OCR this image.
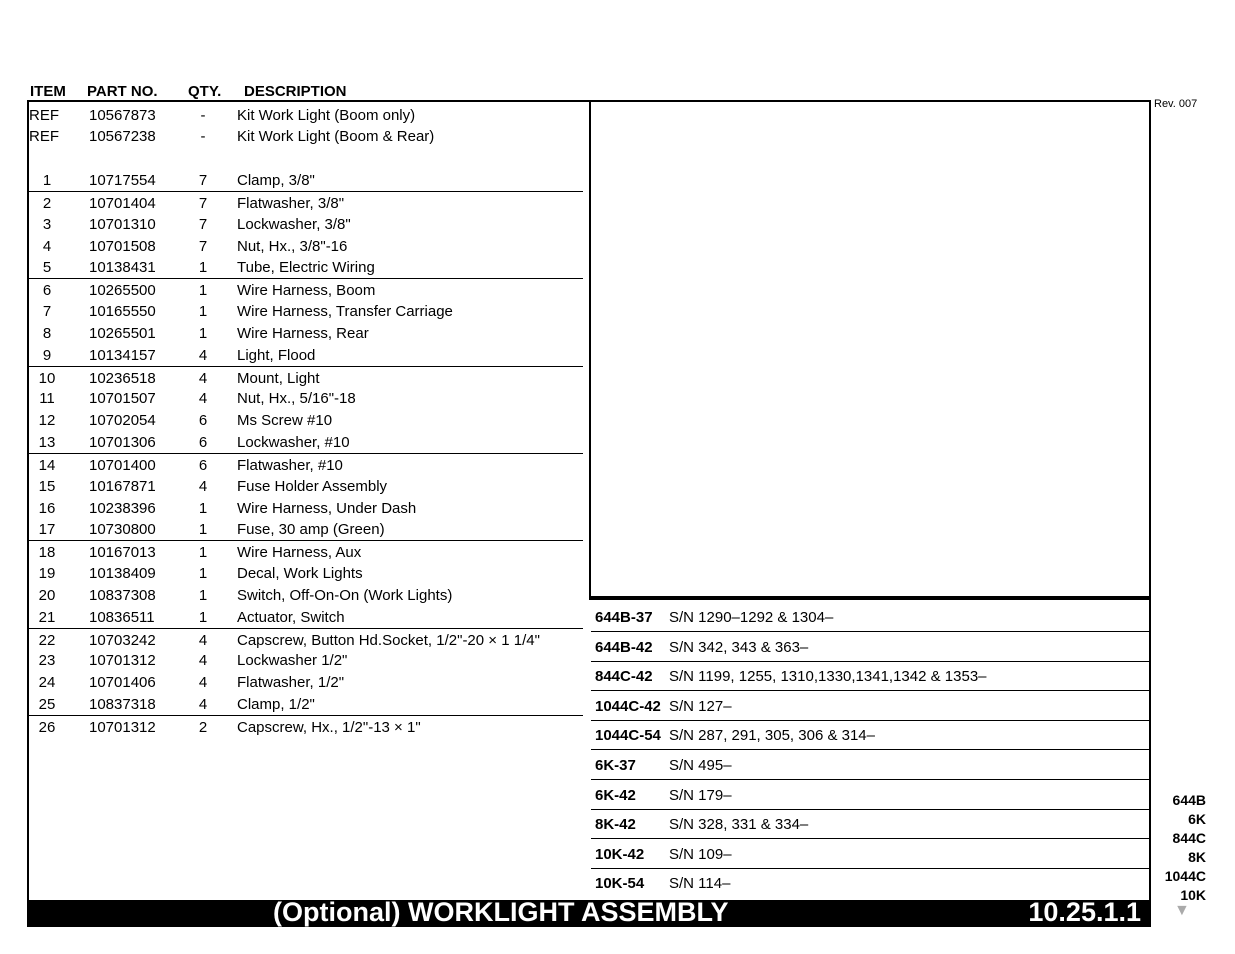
ITEM PART NO. QTY. DESCRIPTION
Rev. 007
REF	10567873	-	Kit Work Light (Boom only)
REF	10567238	-	Kit Work Light (Boom & Rear)
1	10717554	7	Clamp, 3/8"
2	10701404	7	Flatwasher, 3/8"
3	10701310	7	Lockwasher, 3/8"
4	10701508	7	Nut, Hx., 3/8"-16
5	10138431	1	Tube, Electric Wiring
6	10265500	1	Wire Harness, Boom
7	10165550	1	Wire Harness, Transfer Carriage
8	10265501	1	Wire Harness, Rear
9	10134157	4	Light, Flood
10	10236518	4	Mount, Light
11	10701507	4	Nut, Hx., 5/16"-18
12	10702054	6	Ms Screw #10
13	10701306	6	Lockwasher, #10
14	10701400	6	Flatwasher, #10
15	10167871	4	Fuse Holder Assembly
16	10238396	1	Wire Harness, Under Dash
17	10730800	1	Fuse, 30 amp (Green)
18	10167013	1	Wire Harness, Aux
19	10138409	1	Decal, Work Lights
20	10837308	1	Switch, Off-On-On (Work Lights)
21	10836511	1	Actuator, Switch
22	10703242	4	Capscrew, Button Hd.Socket, 1/2"-20 × 1 1/4"
23	10701312	4	Lockwasher 1/2"
24	10701406	4	Flatwasher, 1/2"
25	10837318	4	Clamp, 1/2"
26	10701312	2	Capscrew, Hx., 1/2"-13 × 1"
644B-37 S/N 1290–1292 & 1304–
644B-42 S/N 342, 343 & 363–
844C-42 S/N 1199, 1255, 1310,1330,1341,1342 & 1353–
1044C-42 S/N 127–
1044C-54 S/N 287, 291, 305, 306 & 314–
6K-37 S/N 495–
6K-42 S/N 179–
8K-42 S/N 328, 331 & 334–
10K-42 S/N 109–
10K-54 S/N 114–
644B
6K
844C
8K
1044C
10K
(Optional) WORKLIGHT ASSEMBLY	10.25.1.1 ▼
